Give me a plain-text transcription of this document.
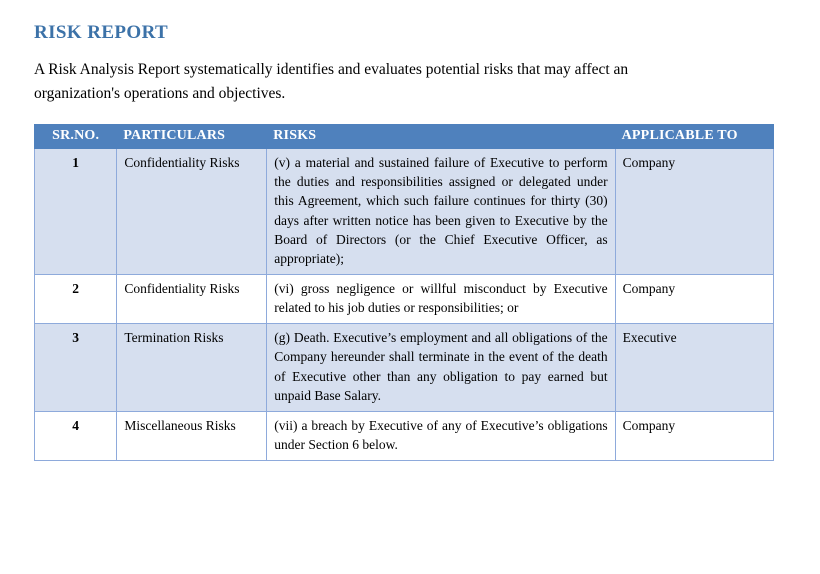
RISK REPORT

A Risk Analysis Report systematically identifies and evaluates potential risks that may affect an organization's operations and objectives.

SR.NO.	PARTICULARS	RISKS	APPLICABLE TO
1	Confidentiality Risks	(v) a material and sustained failure of Executive to perform the duties and responsibilities assigned or delegated under this Agreement, which such failure continues for thirty (30) days after written notice has been given to Executive by the Board of Directors (or the Chief Executive Officer, as appropriate);	Company
2	Confidentiality Risks	(vi) gross negligence or willful misconduct by Executive related to his job duties or responsibilities; or	Company
3	Termination Risks	(g) Death. Executive’s employment and all obligations of the Company hereunder shall terminate in the event of the death of Executive other than any obligation to pay earned but unpaid Base Salary.	Executive
4	Miscellaneous Risks	(vii) a breach by Executive of any of Executive’s obligations under Section 6 below.	Company
